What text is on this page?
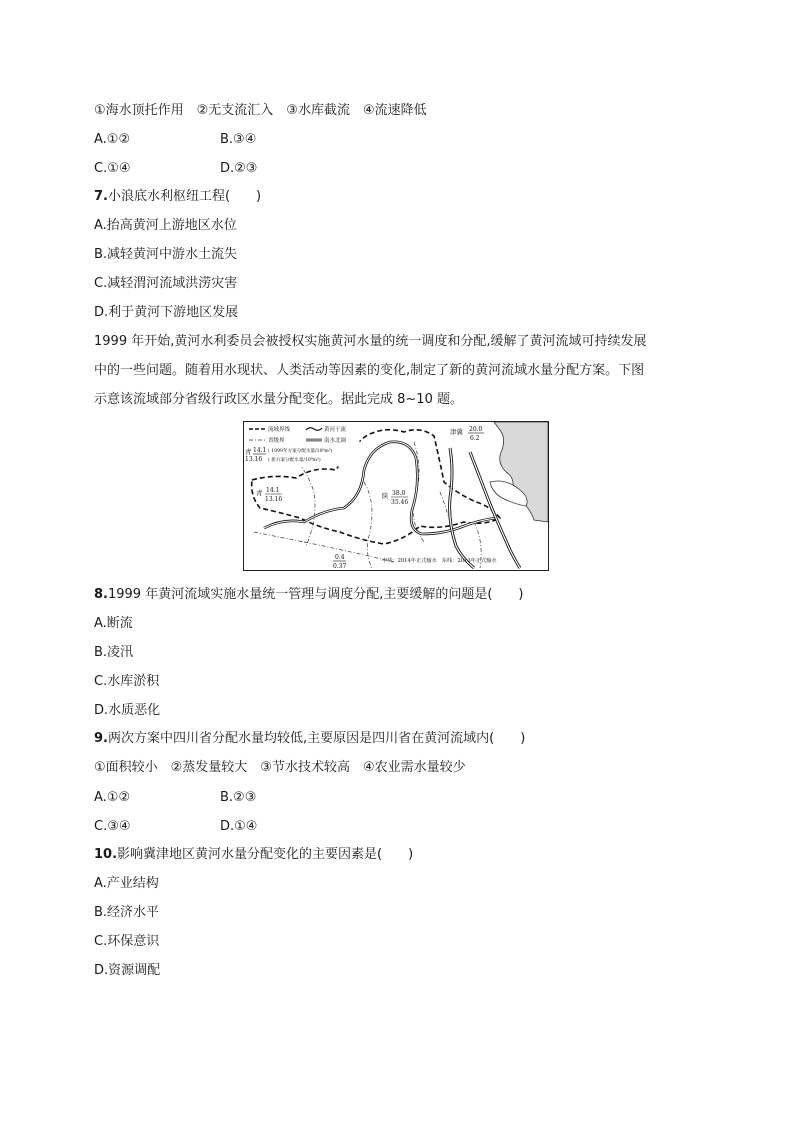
①海水顶托作用　②无支流汇入　③水库截流　④流速降低
A.①②	B.③④
C.①④	D.②③
7.小浪底水利枢纽工程(　　)
A.抬高黄河上游地区水位
B.减轻黄河中游水土流失
C.减轻渭河流域洪涝灾害
D.利于黄河下游地区发展
1999 年开始,黄河水利委员会被授权实施黄河水量的统一调度和分配,缓解了黄河流域可持续发展
中的一些问题。随着用水现状、人类活动等因素的变化,制定了新的黄河流域水量分配方案。下图
示意该流域部分省级行政区水量分配变化。据此完成 8~10 题。
流域界线	黄河干流
省级界	南水北调
青 14.1 ( 1999年方案分配水量/10⁹m³)
13.16 ( 新方案分配水量/10⁹m³)
青 14.1
13.16	陕 38.0
35.46
津冀 20.0
6.2
0.4
0.37
中线：2014年正式输水　东线：2013年正式输水
8.1999 年黄河流域实施水量统一管理与调度分配,主要缓解的问题是(　　)
A.断流
B.凌汛
C.水库淤积
D.水质恶化
9.两次方案中四川省分配水量均较低,主要原因是四川省在黄河流域内(　　)
①面积较小　②蒸发量较大　③节水技术较高　④农业需水量较少
A.①②	B.②③
C.③④	D.①④
10.影响冀津地区黄河水量分配变化的主要因素是(　　)
A.产业结构
B.经济水平
C.环保意识
D.资源调配
